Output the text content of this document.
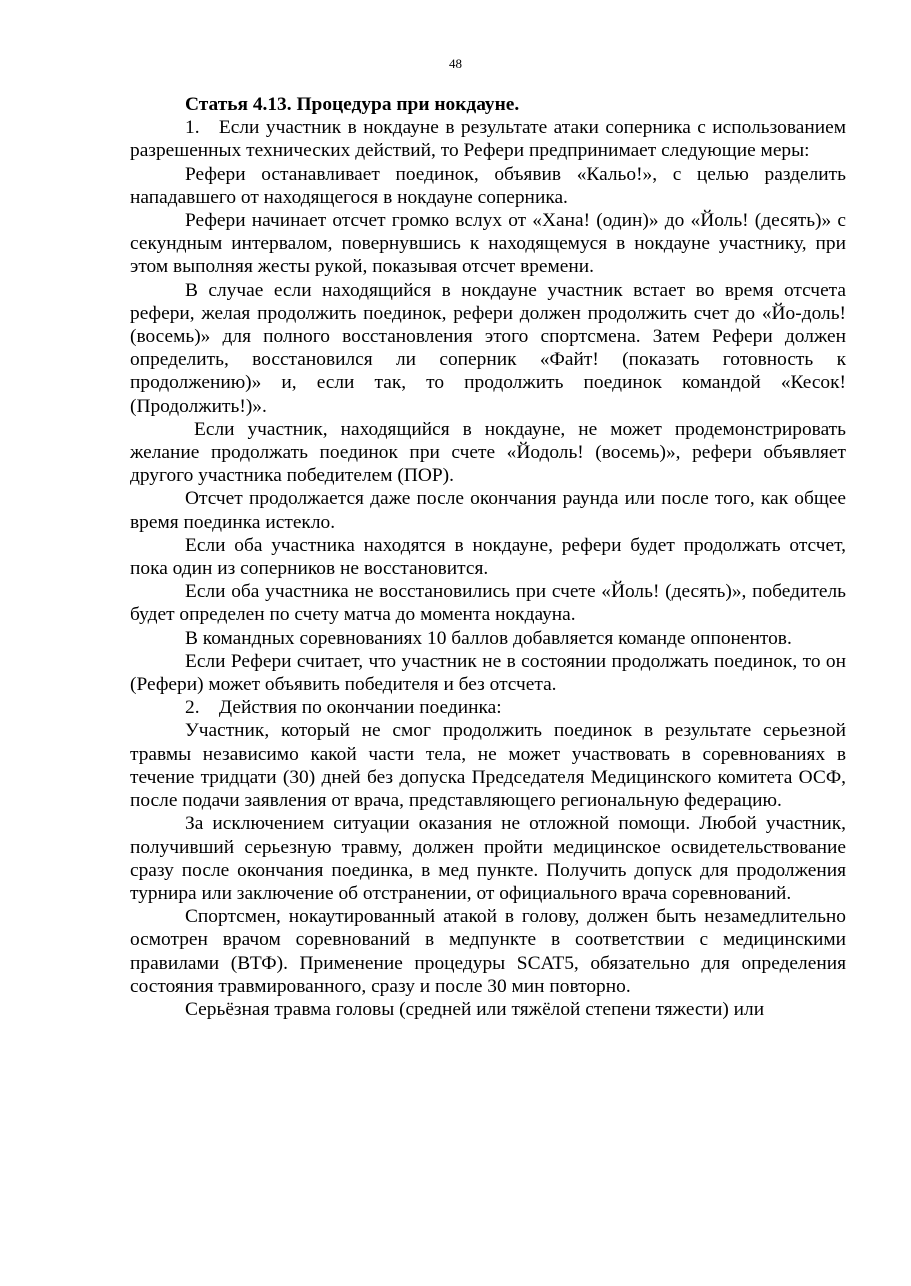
48
Статья 4.13. Процедура при нокдауне.

1. Если участник в нокдауне в результате атаки соперника с использованием разрешенных технических действий, то Рефери предпринимает следующие меры:

Рефери останавливает поединок, объявив «Кальо!», с целью разделить нападавшего от находящегося в нокдауне соперника.

Рефери начинает отсчет громко вслух от «Хана! (один)» до «Йоль! (десять)» с секундным интервалом, повернувшись к находящемуся в нокдауне участнику, при этом выполняя жесты рукой, показывая отсчет времени.

В случае если находящийся в нокдауне участник встает во время отсчета рефери, желая продолжить поединок, рефери должен продолжить счет до «Йо-доль! (восемь)» для полного восстановления этого спортсмена. Затем Рефери должен определить, восстановился ли соперник «Файт! (показать готовность к продолжению)» и, если так, то продолжить поединок командой «Кесок! (Продолжить!)».

Если участник, находящийся в нокдауне, не может продемонстрировать желание продолжать поединок при счете «Йодоль! (восемь)», рефери объявляет другого участника победителем (ПОР).

Отсчет продолжается даже после окончания раунда или после того, как общее время поединка истекло.

Если оба участника находятся в нокдауне, рефери будет продолжать отсчет, пока один из соперников не восстановится.

Если оба участника не восстановились при счете «Йоль! (десять)», победитель будет определен по счету матча до момента нокдауна.

В командных соревнованиях 10 баллов добавляется команде оппонентов.

Если Рефери считает, что участник не в состоянии продолжать поединок, то он (Рефери) может объявить победителя и без отсчета.

2. Действия по окончании поединка:

Участник, который не смог продолжить поединок в результате серьезной травмы независимо какой части тела, не может участвовать в соревнованиях в течение тридцати (30) дней без допуска Председателя Медицинского комитета ОСФ, после подачи заявления от врача, представляющего региональную федерацию.

За исключением ситуации оказания не отложной помощи. Любой участник, получивший серьезную травму, должен пройти медицинское освидетельствование сразу после окончания поединка, в мед пункте. Получить допуск для продолжения турнира или заключение об отстранении, от официального врача соревнований.

Спортсмен, нокаутированный атакой в голову, должен быть незамедлительно осмотрен врачом соревнований в медпункте в соответствии с медицинскими правилами (ВТФ). Применение процедуры SCAT5, обязательно для определения состояния травмированного, сразу и после 30 мин повторно.

Серьёзная травма головы (средней или тяжёлой степени тяжести) или
